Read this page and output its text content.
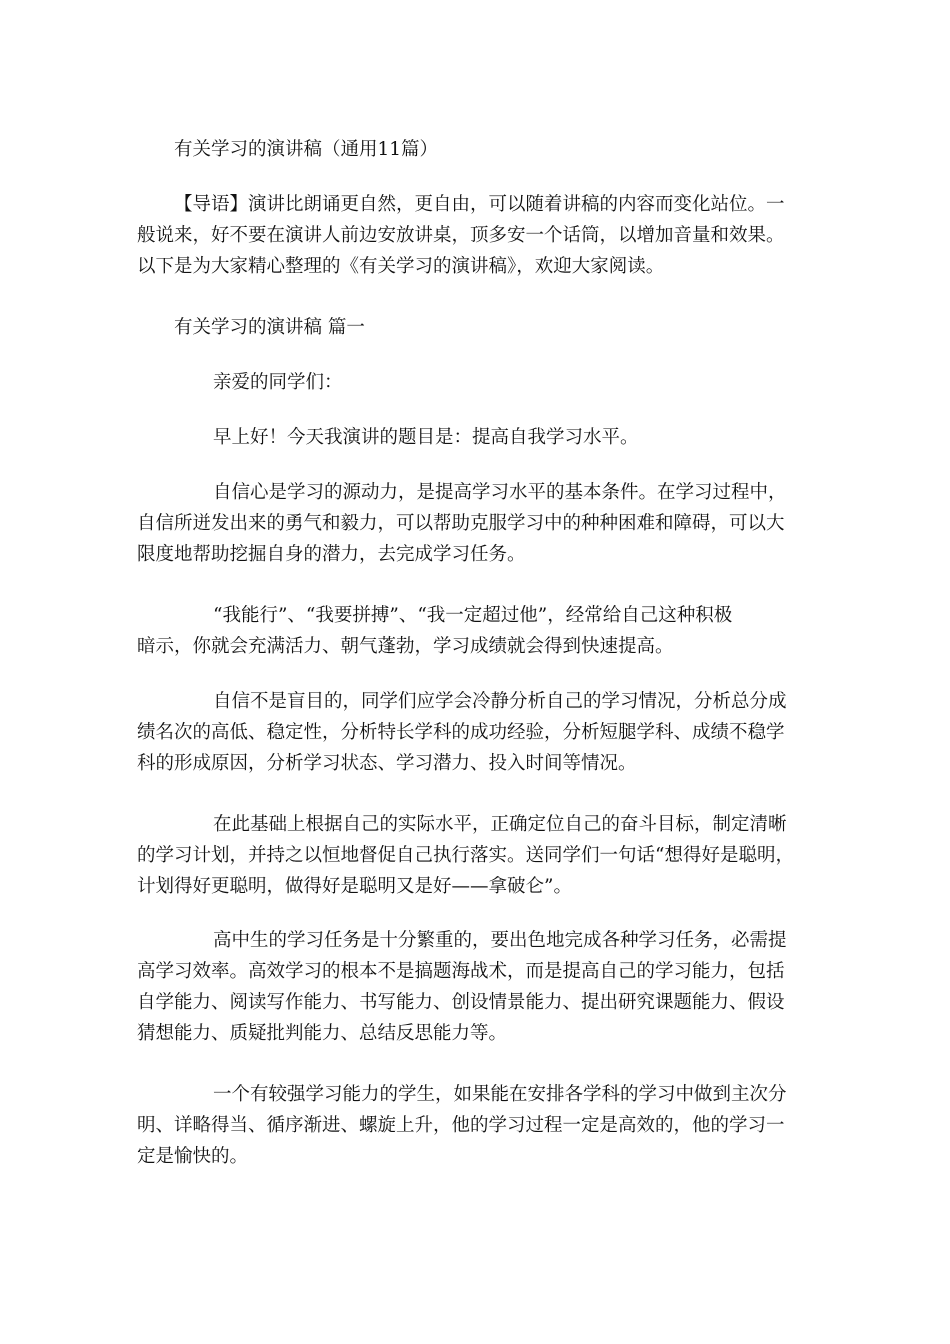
有关学习的演讲稿（通用11篇）

【导语】演讲比朗诵更自然，更自由，可以随着讲稿的内容而变化站位。一
般说来，好不要在演讲人前边安放讲桌，顶多安一个话筒，以增加音量和效果。
以下是为大家精心整理的《有关学习的演讲稿》，欢迎大家阅读。

有关学习的演讲稿 篇一

亲爱的同学们：

早上好！今天我演讲的题目是：提高自我学习水平。

自信心是学习的源动力，是提高学习水平的基本条件。在学习过程中，
自信所迸发出来的勇气和毅力，可以帮助克服学习中的种种困难和障碍，可以大
限度地帮助挖掘自身的潜力，去完成学习任务。
“我能行”、“我要拼搏”、“我一定超过他”，经常给自己这种积极
暗示，你就会充满活力、朝气蓬勃，学习成绩就会得到快速提高。
自信不是盲目的，同学们应学会冷静分析自己的学习情况，分析总分成
绩名次的高低、稳定性，分析特长学科的成功经验，分析短腿学科、成绩不稳学
科的形成原因，分析学习状态、学习潜力、投入时间等情况。
在此基础上根据自己的实际水平，正确定位自己的奋斗目标，制定清晰
的学习计划，并持之以恒地督促自己执行落实。送同学们一句话“想得好是聪明，
计划得好更聪明，做得好是聪明又是好——拿破仑”。
高中生的学习任务是十分繁重的，要出色地完成各种学习任务，必需提
高学习效率。高效学习的根本不是搞题海战术，而是提高自己的学习能力，包括
自学能力、阅读写作能力、书写能力、创设情景能力、提出研究课题能力、假设
猜想能力、质疑批判能力、总结反思能力等。
一个有较强学习能力的学生，如果能在安排各学科的学习中做到主次分
明、详略得当、循序渐进、螺旋上升，他的学习过程一定是高效的，他的学习一
定是愉快的。
